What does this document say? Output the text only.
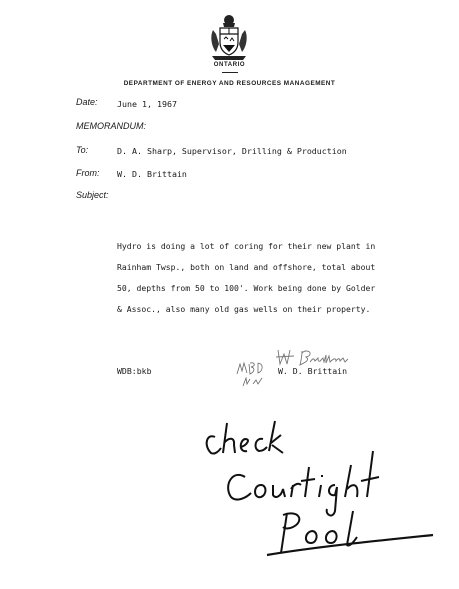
ONTARIO
DEPARTMENT OF ENERGY AND RESOURCES MANAGEMENT
Date: June 1, 1967
MEMORANDUM:
To:	D. A. Sharp, Supervisor, Drilling & Production
From: W. D. Brittain
Subject:
Hydro is doing a lot of coring for their new plant in
Rainham Twsp., both on land and offshore, total about
50, depths from 50 to 100'. Work being done by Golder
& Assoc., also many old gas wells on their property.
WDB:bkb	W. D. Brittain
